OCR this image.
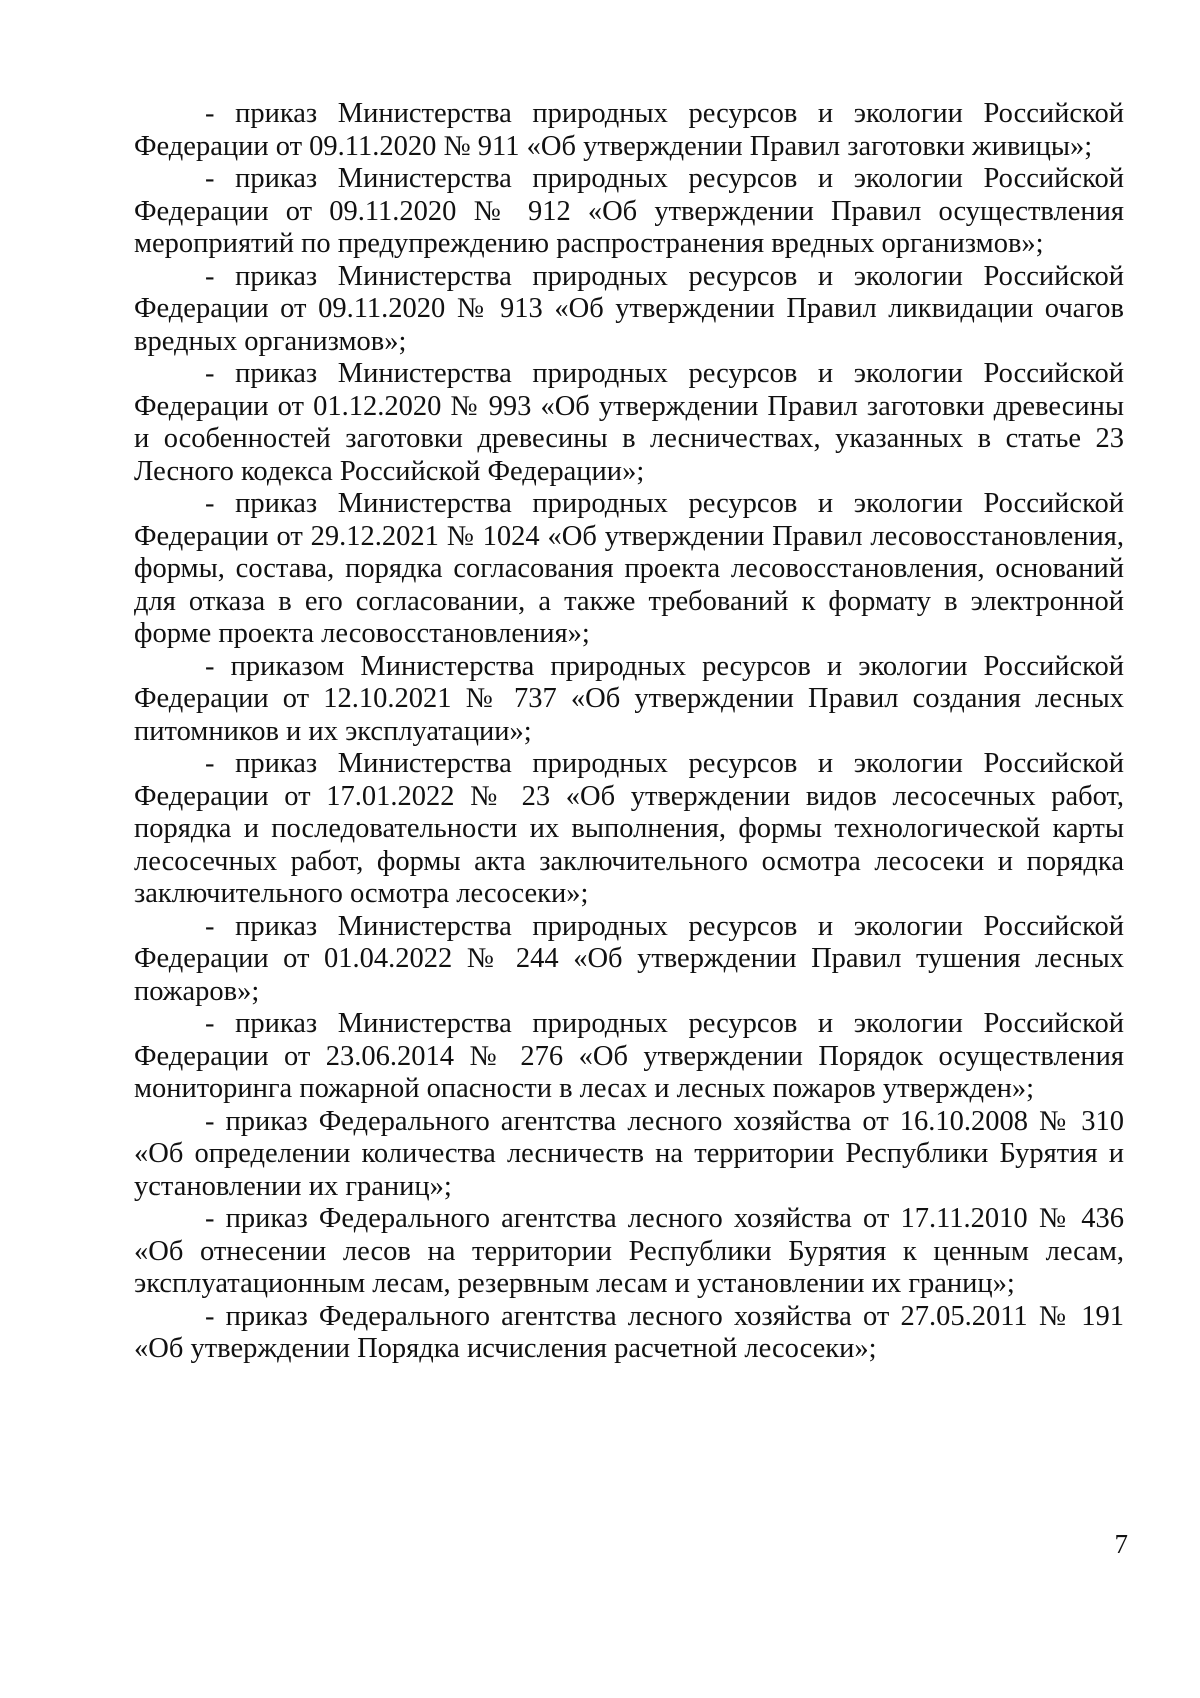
- приказ Министерства природных ресурсов и экологии Российской Федерации от 09.11.2020 № 911 «Об утверждении Правил заготовки живицы»;

- приказ Министерства природных ресурсов и экологии Российской Федерации от 09.11.2020 № 912 «Об утверждении Правил осуществления мероприятий по предупреждению распространения вредных организмов»;

- приказ Министерства природных ресурсов и экологии Российской Федерации от 09.11.2020 № 913 «Об утверждении Правил ликвидации очагов вредных организмов»;

- приказ Министерства природных ресурсов и экологии Российской Федерации от 01.12.2020 № 993 «Об утверждении Правил заготовки древесины и особенностей заготовки древесины в лесничествах, указанных в статье 23 Лесного кодекса Российской Федерации»;

- приказ Министерства природных ресурсов и экологии Российской Федерации от 29.12.2021 № 1024 «Об утверждении Правил лесовосстановления, формы, состава, порядка согласования проекта лесовосстановления, оснований для отказа в его согласовании, а также требований к формату в электронной форме проекта лесовосстановления»;

- приказом Министерства природных ресурсов и экологии Российской Федерации от 12.10.2021 № 737 «Об утверждении Правил создания лесных питомников и их эксплуатации»;

- приказ Министерства природных ресурсов и экологии Российской Федерации от 17.01.2022 № 23 «Об утверждении видов лесосечных работ, порядка и последовательности их выполнения, формы технологической карты лесосечных работ, формы акта заключительного осмотра лесосеки и порядка заключительного осмотра лесосеки»;

- приказ Министерства природных ресурсов и экологии Российской Федерации от 01.04.2022 № 244 «Об утверждении Правил тушения лесных пожаров»;

- приказ Министерства природных ресурсов и экологии Российской Федерации от 23.06.2014 № 276 «Об утверждении Порядок осуществления мониторинга пожарной опасности в лесах и лесных пожаров утвержден»;

- приказ Федерального агентства лесного хозяйства от 16.10.2008 № 310 «Об определении количества лесничеств на территории Республики Бурятия и установлении их границ»;

- приказ Федерального агентства лесного хозяйства от 17.11.2010 № 436 «Об отнесении лесов на территории Республики Бурятия к ценным лесам, эксплуатационным лесам, резервным лесам и установлении их границ»;

- приказ Федерального агентства лесного хозяйства от 27.05.2011 № 191 «Об утверждении Порядка исчисления расчетной лесосеки»;

7
